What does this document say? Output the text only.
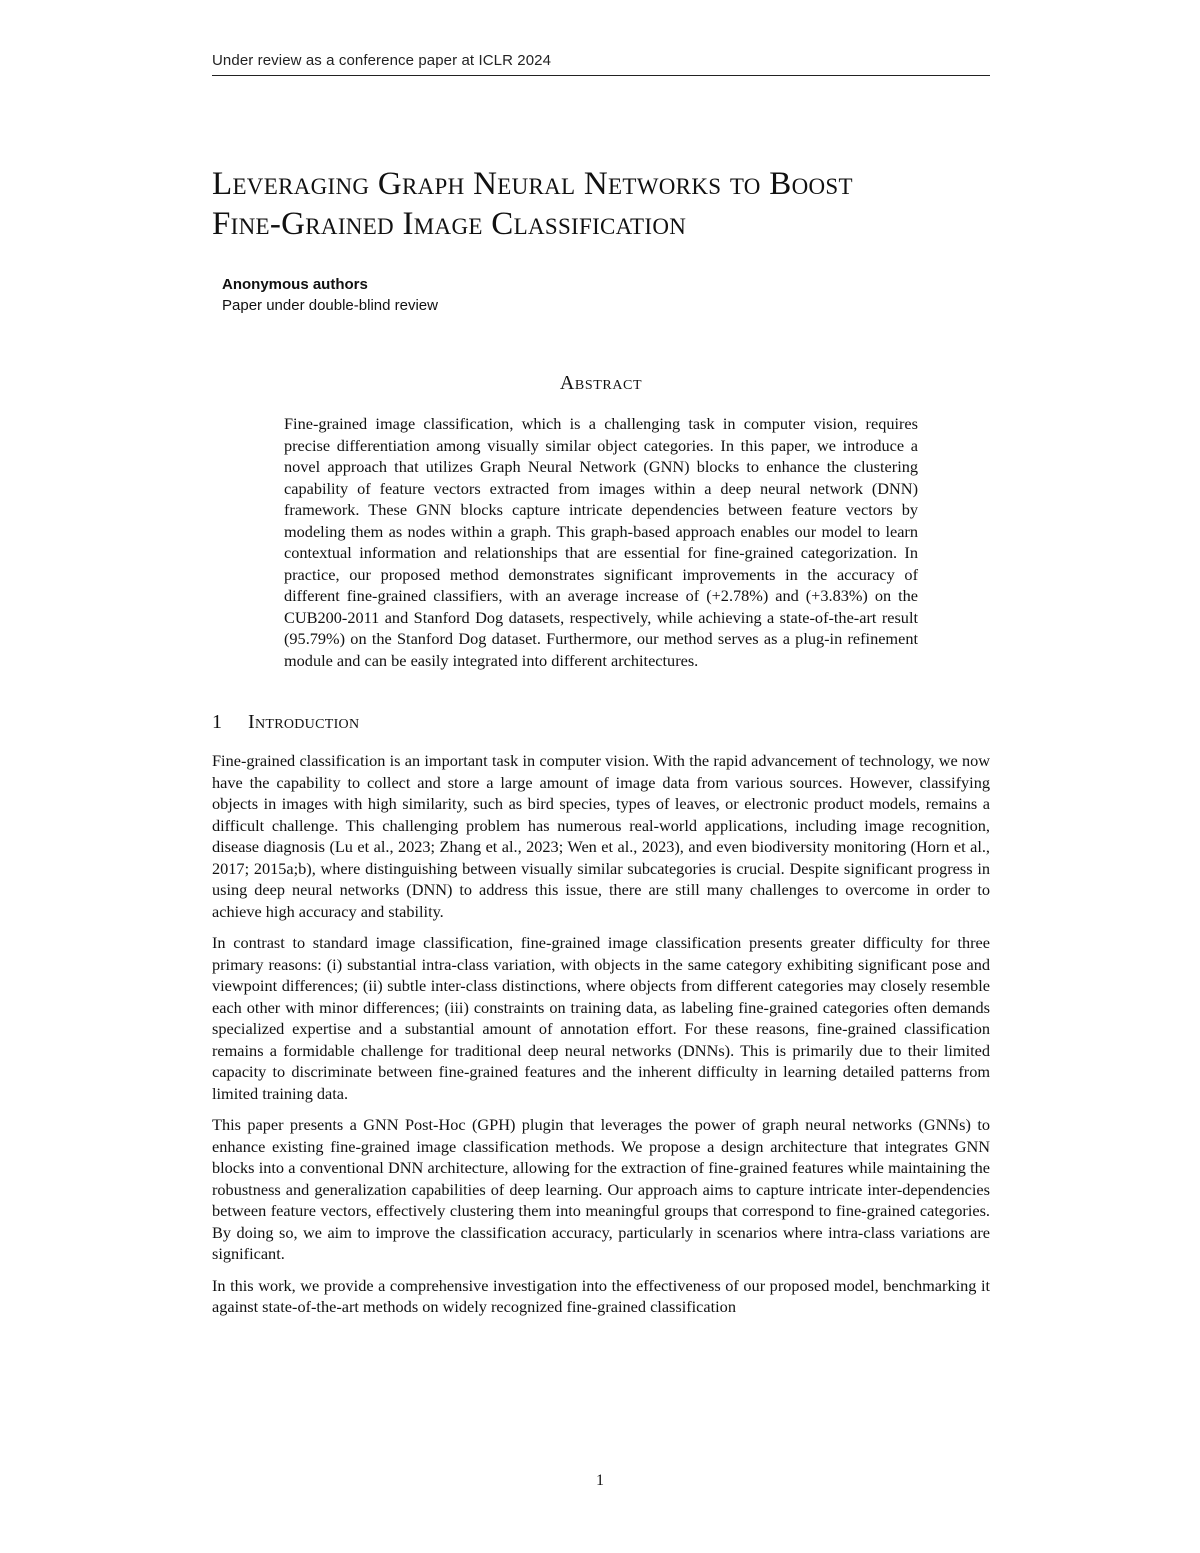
Under review as a conference paper at ICLR 2024
Leveraging Graph Neural Networks to Boost
Fine-Grained Image Classification
Anonymous authors
Paper under double-blind review
Abstract
Fine-grained image classification, which is a challenging task in computer vision, requires precise differentiation among visually similar object categories. In this paper, we introduce a novel approach that utilizes Graph Neural Network (GNN) blocks to enhance the clustering capability of feature vectors extracted from images within a deep neural network (DNN) framework. These GNN blocks capture intricate dependencies between feature vectors by modeling them as nodes within a graph. This graph-based approach enables our model to learn contextual information and relationships that are essential for fine-grained categorization. In practice, our proposed method demonstrates significant improvements in the accuracy of different fine-grained classifiers, with an average increase of (+2.78%) and (+3.83%) on the CUB200-2011 and Stanford Dog datasets, respectively, while achieving a state-of-the-art result (95.79%) on the Stanford Dog dataset. Furthermore, our method serves as a plug-in refinement module and can be easily integrated into different architectures.
1	Introduction

Fine-grained classification is an important task in computer vision. With the rapid advancement of technology, we now have the capability to collect and store a large amount of image data from various sources. However, classifying objects in images with high similarity, such as bird species, types of leaves, or electronic product models, remains a difficult challenge. This challenging problem has numerous real-world applications, including image recognition, disease diagnosis (Lu et al., 2023; Zhang et al., 2023; Wen et al., 2023), and even biodiversity monitoring (Horn et al., 2017; 2015a;b), where distinguishing between visually similar subcategories is crucial. Despite significant progress in using deep neural networks (DNN) to address this issue, there are still many challenges to overcome in order to achieve high accuracy and stability.

In contrast to standard image classification, fine-grained image classification presents greater difficulty for three primary reasons: (i) substantial intra-class variation, with objects in the same category exhibiting significant pose and viewpoint differences; (ii) subtle inter-class distinctions, where objects from different categories may closely resemble each other with minor differences; (iii) constraints on training data, as labeling fine-grained categories often demands specialized expertise and a substantial amount of annotation effort. For these reasons, fine-grained classification remains a formidable challenge for traditional deep neural networks (DNNs). This is primarily due to their limited capacity to discriminate between fine-grained features and the inherent difficulty in learning detailed patterns from limited training data.

This paper presents a GNN Post-Hoc (GPH) plugin that leverages the power of graph neural networks (GNNs) to enhance existing fine-grained image classification methods. We propose a design architecture that integrates GNN blocks into a conventional DNN architecture, allowing for the extraction of fine-grained features while maintaining the robustness and generalization capabilities of deep learning. Our approach aims to capture intricate inter-dependencies between feature vectors, effectively clustering them into meaningful groups that correspond to fine-grained categories. By doing so, we aim to improve the classification accuracy, particularly in scenarios where intra-class variations are significant.

In this work, we provide a comprehensive investigation into the effectiveness of our proposed model, benchmarking it against state-of-the-art methods on widely recognized fine-grained classification

1
